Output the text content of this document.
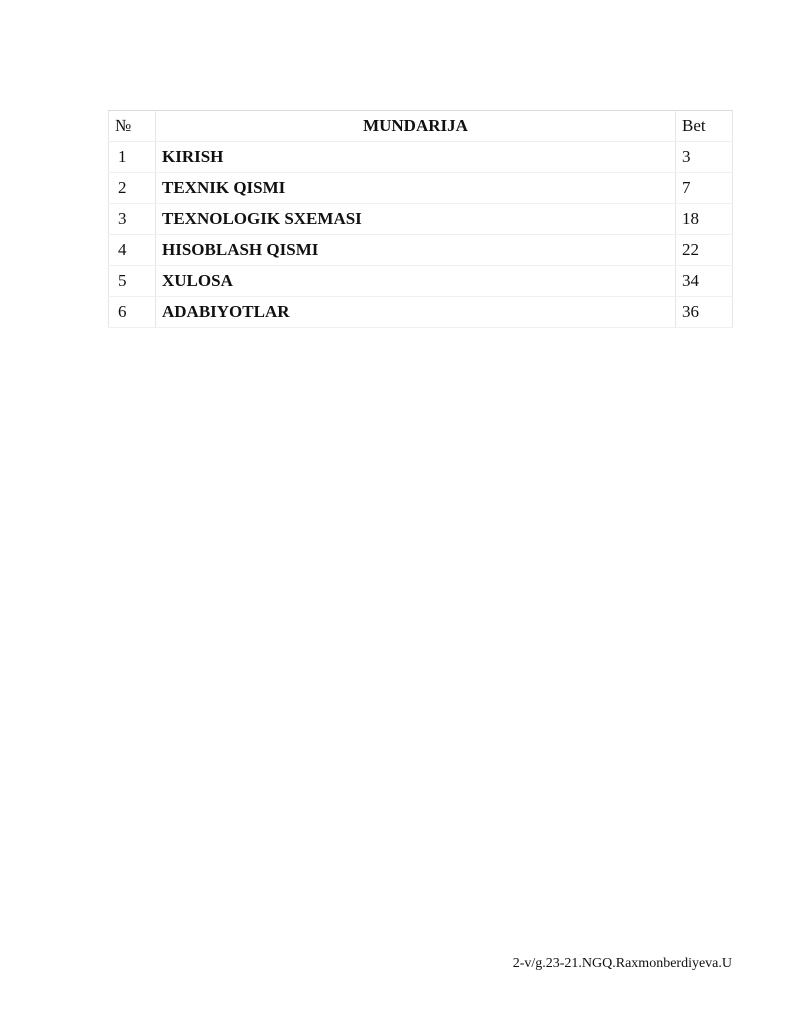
№	MUNDARIJA	Bet
1	KIRISH	3
2	TEXNIK QISMI	7
3	TEXNOLOGIK SXEMASI	18
4	HISOBLASH QISMI	22
5	XULOSA	34
6	ADABIYOTLAR	36
2-v/g.23-21.NGQ.Raxmonberdiyeva.U
